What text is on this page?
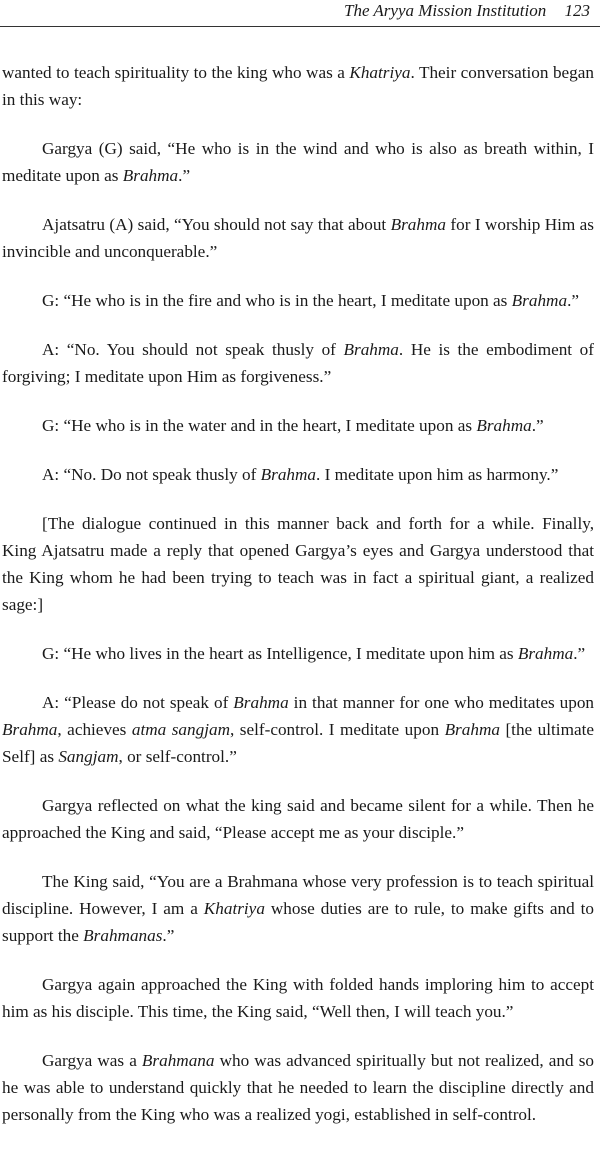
The Aryya Mission Institution 123

wanted to teach spirituality to the king who was a Khatriya. Their conversation began in this way:

Gargya (G) said, “He who is in the wind and who is also as breath within, I meditate upon as Brahma.”

Ajatsatru (A) said, “You should not say that about Brahma for I worship Him as invincible and unconquerable.”

G: “He who is in the fire and who is in the heart, I meditate upon as Brahma.”

A: “No. You should not speak thusly of Brahma. He is the embodiment of forgiving; I meditate upon Him as forgiveness.”

G: “He who is in the water and in the heart, I meditate upon as Brahma.”

A: “No. Do not speak thusly of Brahma. I meditate upon him as harmony.”

[The dialogue continued in this manner back and forth for a while. Finally, King Ajatsatru made a reply that opened Gargya’s eyes and Gargya understood that the King whom he had been trying to teach was in fact a spiritual giant, a realized sage:]

G: “He who lives in the heart as Intelligence, I meditate upon him as Brahma.”

A: “Please do not speak of Brahma in that manner for one who meditates upon Brahma, achieves atma sangjam, self-control. I meditate upon Brahma [the ultimate Self] as Sangjam, or self-control.”

Gargya reflected on what the king said and became silent for a while. Then he approached the King and said, “Please accept me as your disciple.”

The King said, “You are a Brahmana whose very profession is to teach spiritual discipline. However, I am a Khatriya whose duties are to rule, to make gifts and to support the Brahmanas.”

Gargya again approached the King with folded hands imploring him to accept him as his disciple. This time, the King said, “Well then, I will teach you.”

Gargya was a Brahmana who was advanced spiritually but not realized, and so he was able to understand quickly that he needed to learn the discipline directly and personally from the King who was a realized yogi, established in self-control.
